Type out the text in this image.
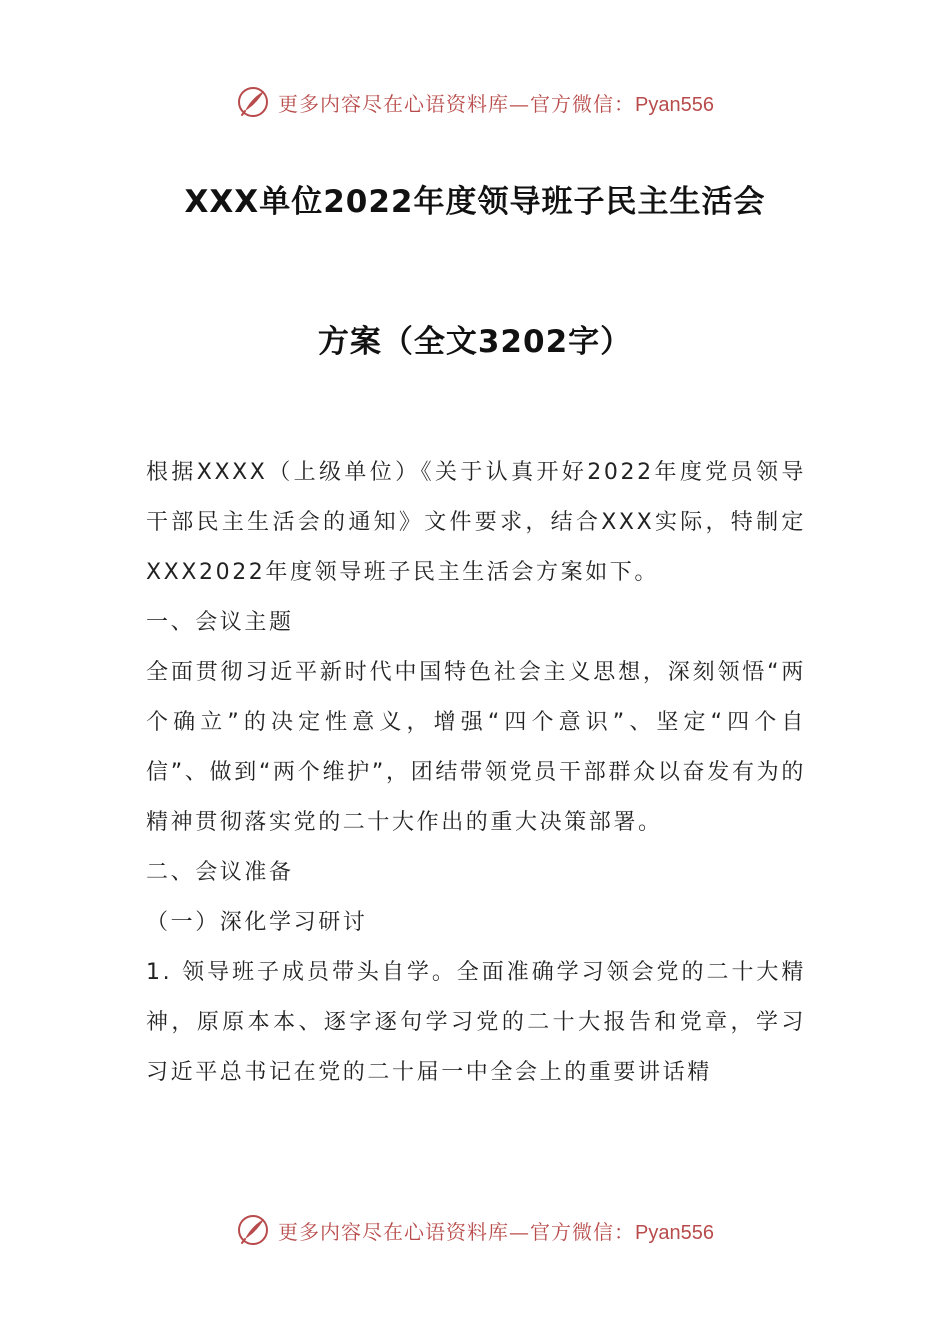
更多内容尽在心语资料库—官方微信：Pyan556
XXX单位2022年度领导班子民主生活会
方案（全文3202字）

根据XXXX（上级单位）《关于认真开好2022年度党员领导干部民主生活会的通知》文件要求，结合XXX实际，特制定XXX2022年度领导班子民主生活会方案如下。

一、会议主题

全面贯彻习近平新时代中国特色社会主义思想，深刻领悟“两个确立”的决定性意义，增强“四个意识”、坚定“四个自信”、做到“两个维护”，团结带领党员干部群众以奋发有为的精神贯彻落实党的二十大作出的重大决策部署。

二、会议准备

（一）深化学习研讨

1. 领导班子成员带头自学。全面准确学习领会党的二十大精神，原原本本、逐字逐句学习党的二十大报告和党章，学习习近平总书记在党的二十届一中全会上的重要讲话精

更多内容尽在心语资料库—官方微信：Pyan556
